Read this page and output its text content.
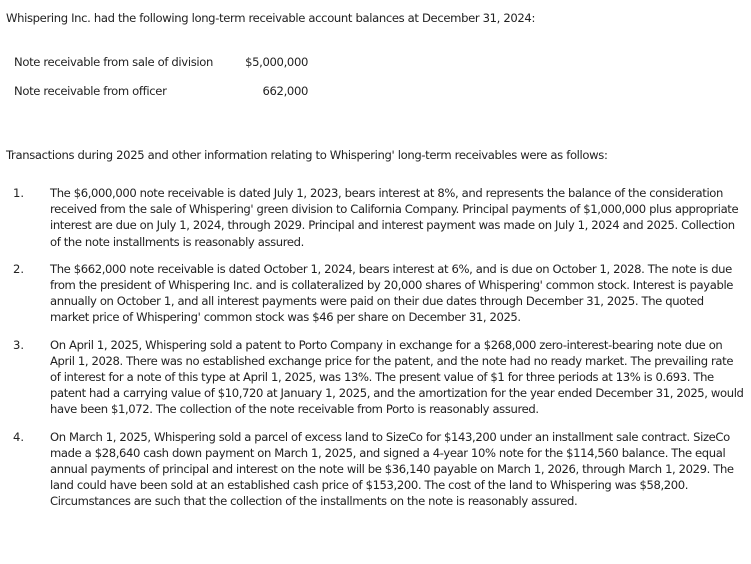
Whispering Inc. had the following long-term receivable account balances at December 31, 2024:
Note receivable from sale of division	$5,000,000
Note receivable from officer	662,000
Transactions during 2025 and other information relating to Whispering' long-term receivables were as follows:
1. The $6,000,000 note receivable is dated July 1, 2023, bears interest at 8%, and represents the balance of the consideration received from the sale of Whispering' green division to California Company. Principal payments of $1,000,000 plus appropriate interest are due on July 1, 2024, through 2029. Principal and interest payment was made on July 1, 2024 and 2025. Collection of the note installments is reasonably assured.
2. The $662,000 note receivable is dated October 1, 2024, bears interest at 6%, and is due on October 1, 2028. The note is due from the president of Whispering Inc. and is collateralized by 20,000 shares of Whispering' common stock. Interest is payable annually on October 1, and all interest payments were paid on their due dates through December 31, 2025. The quoted market price of Whispering' common stock was $46 per share on December 31, 2025.
3. On April 1, 2025, Whispering sold a patent to Porto Company in exchange for a $268,000 zero-interest-bearing note due on April 1, 2028. There was no established exchange price for the patent, and the note had no ready market. The prevailing rate of interest for a note of this type at April 1, 2025, was 13%. The present value of $1 for three periods at 13% is 0.693. The patent had a carrying value of $10,720 at January 1, 2025, and the amortization for the year ended December 31, 2025, would have been $1,072. The collection of the note receivable from Porto is reasonably assured.
4. On March 1, 2025, Whispering sold a parcel of excess land to SizeCo for $143,200 under an installment sale contract. SizeCo made a $28,640 cash down payment on March 1, 2025, and signed a 4-year 10% note for the $114,560 balance. The equal annual payments of principal and interest on the note will be $36,140 payable on March 1, 2026, through March 1, 2029. The land could have been sold at an established cash price of $153,200. The cost of the land to Whispering was $58,200. Circumstances are such that the collection of the installments on the note is reasonably assured.
